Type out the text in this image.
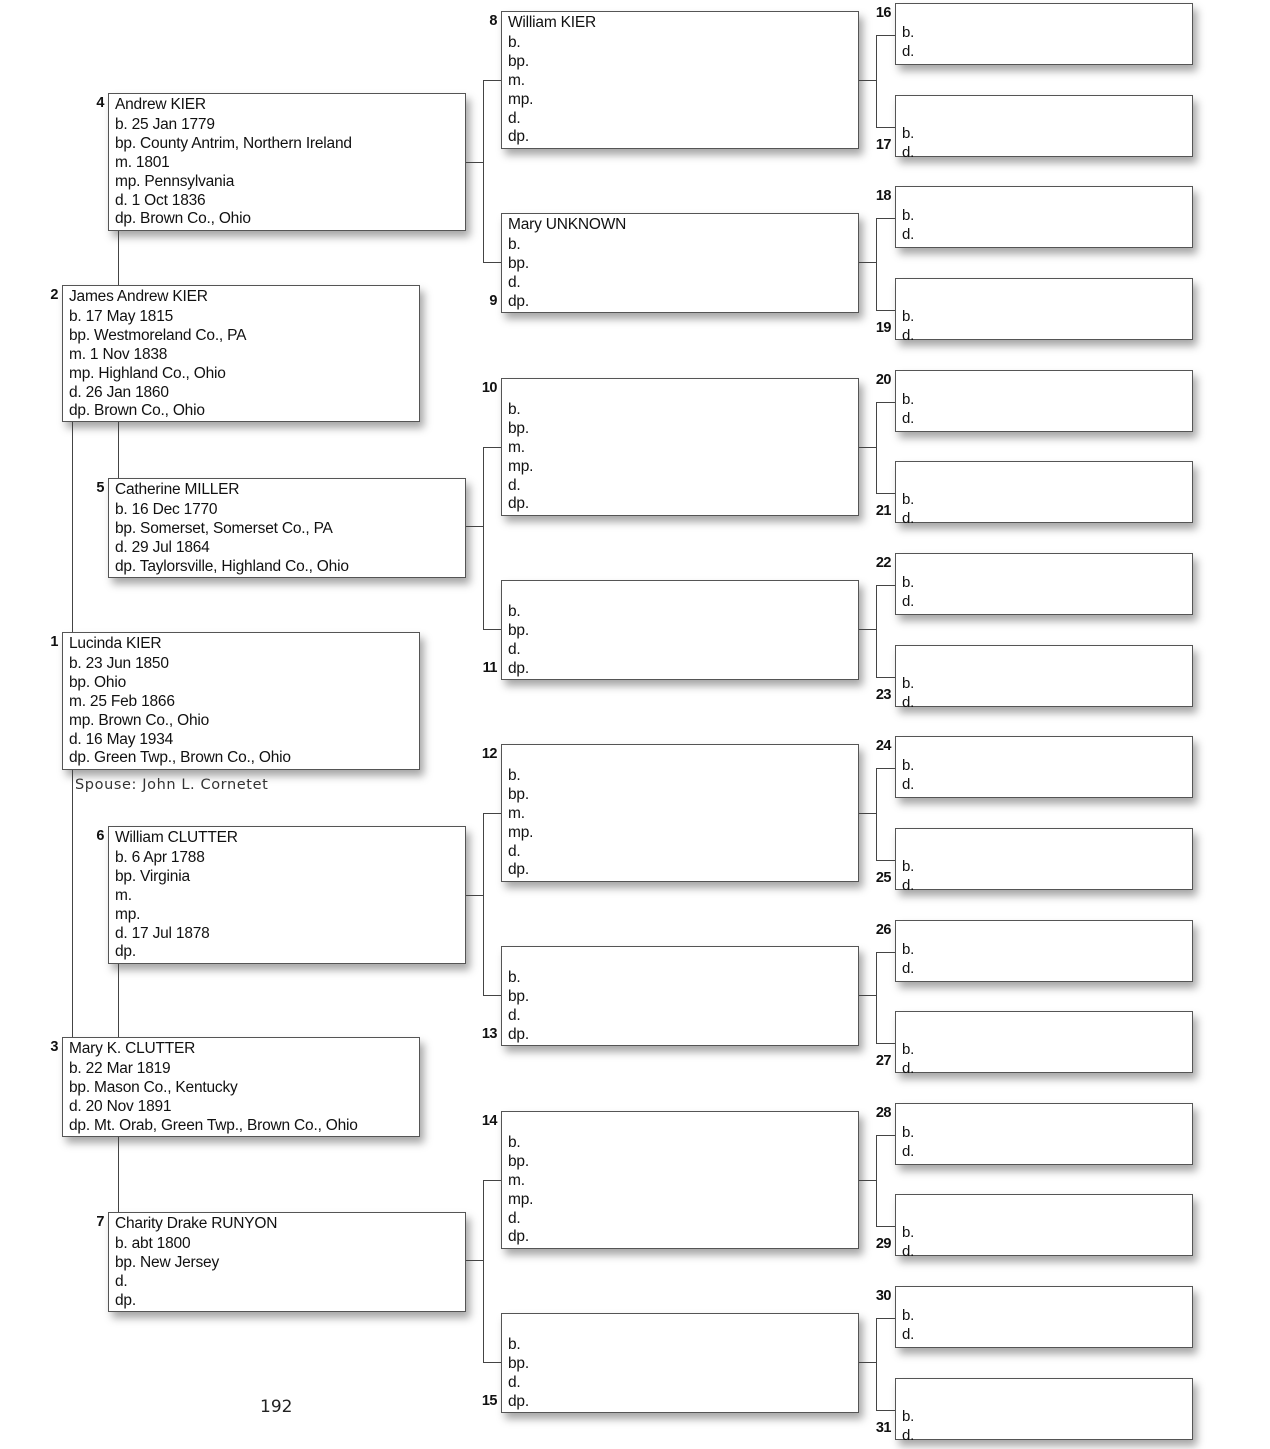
Lucinda KIER
b. 23 Jun 1850
bp. Ohio
m. 25 Feb 1866
mp. Brown Co., Ohio
d. 16 May 1934
dp. Green Twp., Brown Co., Ohio
1
James Andrew KIER
b. 17 May 1815
bp. Westmoreland Co., PA
m. 1 Nov 1838
mp. Highland Co., Ohio
d. 26 Jan 1860
dp. Brown Co., Ohio
2
Mary K. CLUTTER
b. 22 Mar 1819
bp. Mason Co., Kentucky
d. 20 Nov 1891
dp. Mt. Orab, Green Twp., Brown Co., Ohio
3
Andrew KIER
b. 25 Jan 1779
bp. County Antrim, Northern Ireland
m. 1801
mp. Pennsylvania
d. 1 Oct 1836
dp. Brown Co., Ohio
4
Catherine MILLER
b. 16 Dec 1770
bp. Somerset, Somerset Co., PA
d. 29 Jul 1864
dp. Taylorsville, Highland Co., Ohio
5
William CLUTTER
b. 6 Apr 1788
bp. Virginia
m.
mp.
d. 17 Jul 1878
dp.
6
Charity Drake RUNYON
b. abt 1800
bp. New Jersey
d.
dp.
7
William KIER
b.
bp.
m.
mp.
d.
dp.
8
Mary UNKNOWN
b.
bp.
d.
dp.
9
b.
bp.
m.
mp.
d.
dp.
10
b.
bp.
d.
dp.
11
b.
bp.
m.
mp.
d.
dp.
12
b.
bp.
d.
dp.
13
b.
bp.
m.
mp.
d.
dp.
14
b.
bp.
d.
dp.
15
b.
d.
16
b.
d.
17
b.
d.
18
b.
d.
19
b.
d.
20
b.
d.
21
b.
d.
22
b.
d.
23
b.
d.
24
b.
d.
25
b.
d.
26
b.
d.
27
b.
d.
28
b.
d.
29
b.
d.
30
b.
d.
31
Spouse: John L. Cornetet
192
